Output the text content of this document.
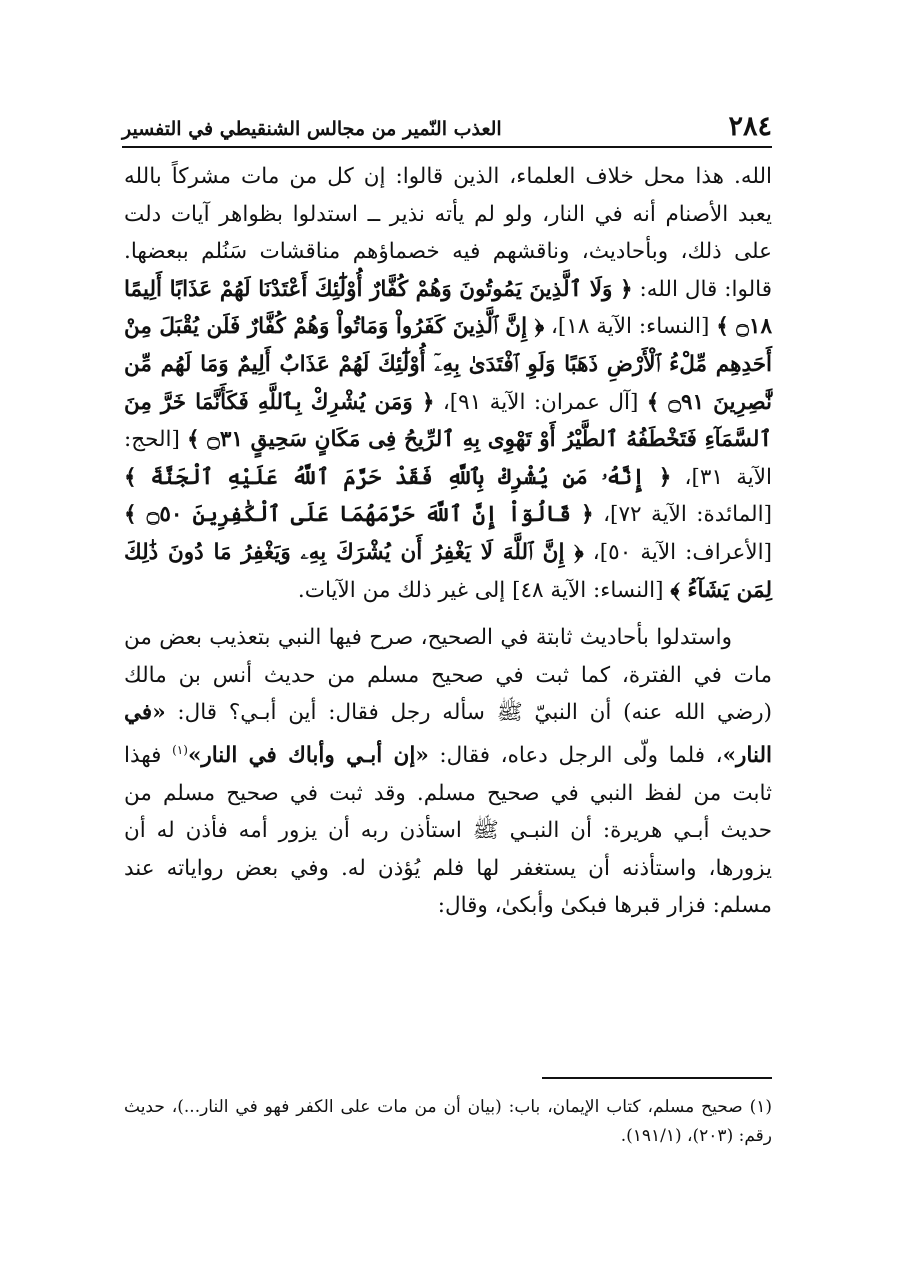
٢٨٤
العذب النّمير من مجالس الشنقيطي في التفسير

الله. هذا محل خلاف العلماء، الذين قالوا: إن كل من مات مشركاً بالله يعبد الأصنام أنه في النار، ولو لم يأته نذير ــ استدلوا بظواهر آيات دلت على ذلك، وبأحاديث، وناقشهم فيه خصماؤهم مناقشات سَنُلم ببعضها. قالوا: قال الله: ﴿ وَلَا ٱلَّذِينَ يَمُوتُونَ وَهُمْ كُفَّارٌ أُوْلَٰٓئِكَ أَعْتَدْنَا لَهُمْ عَذَابًا أَلِيمًا ۝١٨ ﴾ [النساء: الآية ١٨]، ﴿ إِنَّ ٱلَّذِينَ كَفَرُواْ وَمَاتُواْ وَهُمْ كُفَّارٌ فَلَن يُقْبَلَ مِنْ أَحَدِهِم مِّلْءُ ٱلْأَرْضِ ذَهَبًا وَلَوِ ٱفْتَدَىٰ بِهِۦٓ أُوْلَٰٓئِكَ لَهُمْ عَذَابٌ أَلِيمٌ وَمَا لَهُم مِّن نَّٰصِرِينَ ۝٩١ ﴾ [آل عمران: الآية ٩١]، ﴿ وَمَن يُشْرِكْ بِٱللَّهِ فَكَأَنَّمَا خَرَّ مِنَ ٱلسَّمَآءِ فَتَخْطَفُهُ ٱلطَّيْرُ أَوْ تَهْوِى بِهِ ٱلرِّيحُ فِى مَكَانٍ سَحِيقٍ ۝٣١ ﴾ [الحج: الآية ٣١]، ﴿ إِنَّهُۥ مَن يُشْرِكْ بِٱللَّهِ فَقَدْ حَرَّمَ ٱللَّهُ عَلَيْهِ ٱلْجَنَّةَ ﴾ [المائدة: الآية ٧٢]، ﴿ قَالُوٓاْ إِنَّ ٱللَّهَ حَرَّمَهُمَا عَلَى ٱلْكَٰفِرِينَ ۝٥٠ ﴾ [الأعراف: الآية ٥٠]، ﴿ إِنَّ ٱللَّهَ لَا يَغْفِرُ أَن يُشْرَكَ بِهِۦ وَيَغْفِرُ مَا دُونَ ذَٰلِكَ لِمَن يَشَآءُ ﴾ [النساء: الآية ٤٨] إلى غير ذلك من الآيات.

واستدلوا بأحاديث ثابتة في الصحيح، صرح فيها النبي بتعذيب بعض من مات في الفترة، كما ثبت في صحيح مسلم من حديث أنس بن مالك (رضي الله عنه) أن النبيّ ﷺ سأله رجل فقال: أين أبـي؟ قال: «في النار»، فلما ولّى الرجل دعاه، فقال: «إن أبـي وأباك في النار»$^{(١)}$ فهذا ثابت من لفظ النبي في صحيح مسلم. وقد ثبت في صحيح مسلم من حديث أبـي هريرة: أن النبـي ﷺ استأذن ربه أن يزور أمه فأذن له أن يزورها، واستأذنه أن يستغفر لها فلم يُؤذن له. وفي بعض رواياته عند مسلم: فزار قبرها فبكىٰ وأبكىٰ، وقال:

(١) صحيح مسلم، كتاب الإيمان، باب: (بيان أن من مات على الكفر فهو في النار...)، حديث رقم: (٢٠٣)، (١٩١/١).
